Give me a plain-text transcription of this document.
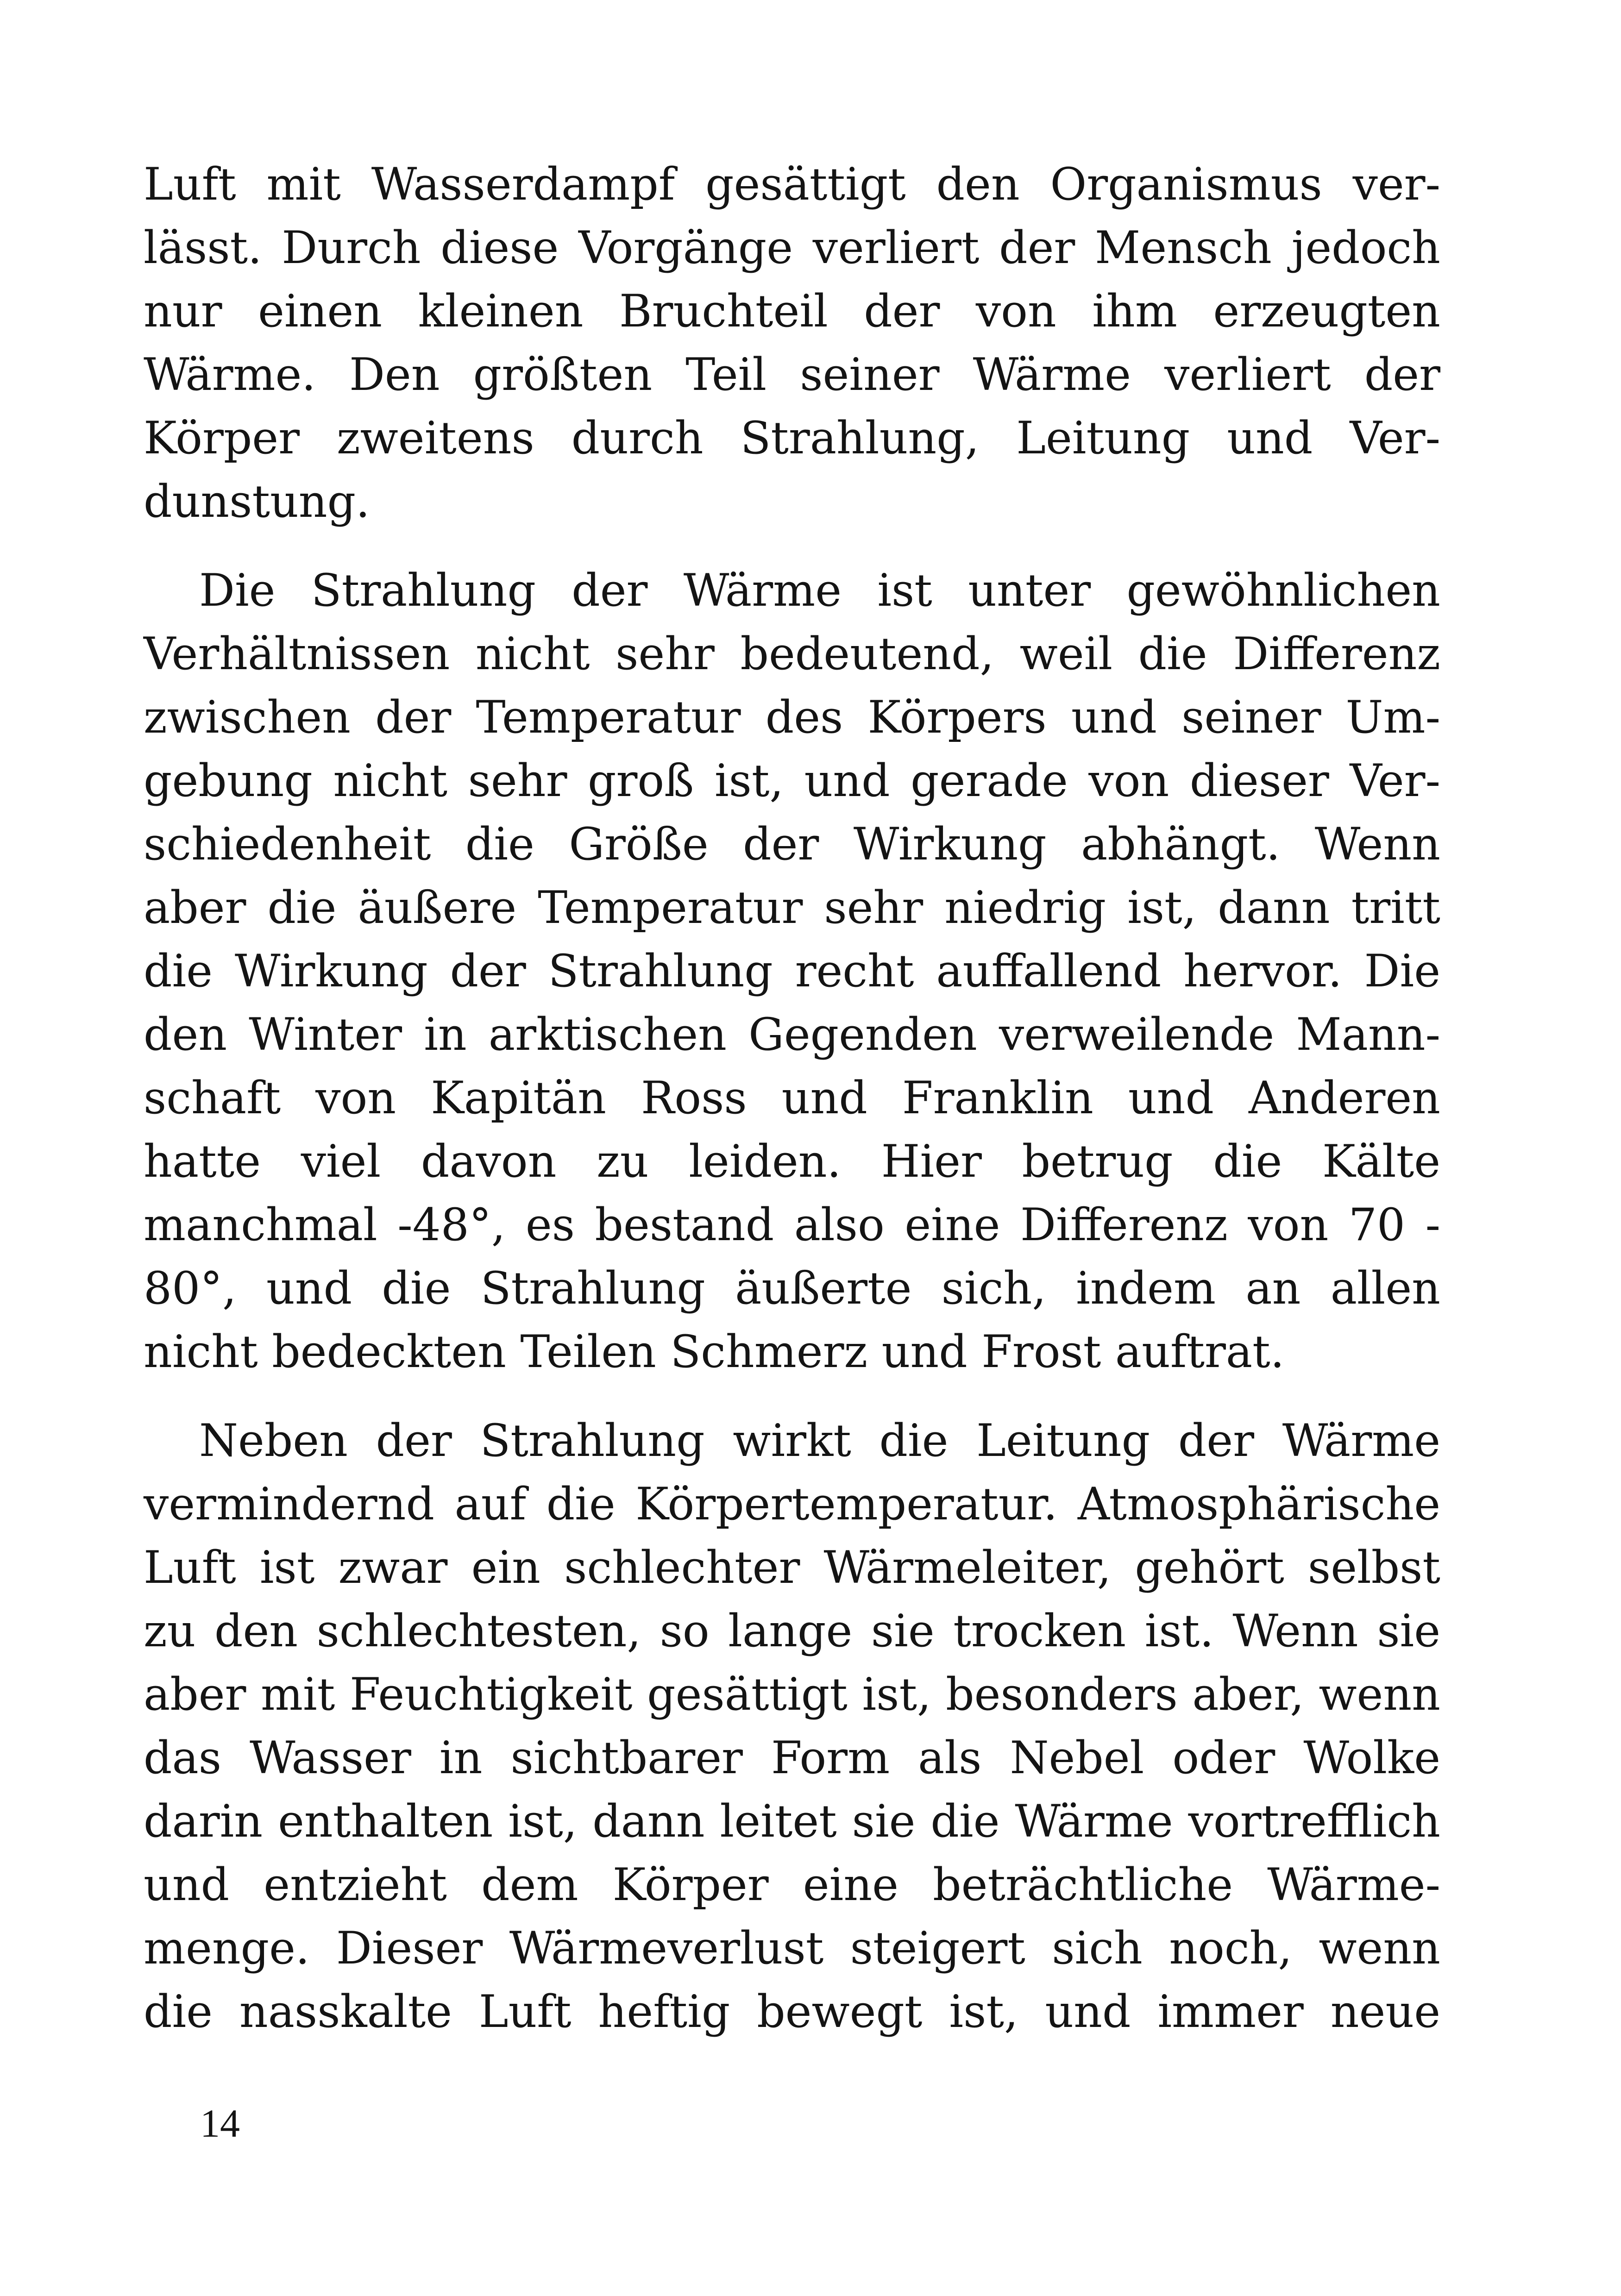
Luft mit Wasserdampf gesättigt den Organismus ver-
lässt. Durch diese Vorgänge verliert der Mensch jedoch
nur einen kleinen Bruchteil der von ihm erzeugten
Wärme. Den größten Teil seiner Wärme verliert der
Körper zweitens durch Strahlung, Leitung und Ver-
dunstung.
Die Strahlung der Wärme ist unter gewöhnlichen
Verhältnissen nicht sehr bedeutend, weil die Differenz
zwischen der Temperatur des Körpers und seiner Um-
gebung nicht sehr groß ist, und gerade von dieser Ver-
schiedenheit die Größe der Wirkung abhängt. Wenn
aber die äußere Temperatur sehr niedrig ist, dann tritt
die Wirkung der Strahlung recht auffallend hervor. Die
den Winter in arktischen Gegenden verweilende Mann-
schaft von Kapitän Ross und Franklin und Anderen
hatte viel davon zu leiden. Hier betrug die Kälte
manchmal -48°, es bestand also eine Differenz von 70 -
80°, und die Strahlung äußerte sich, indem an allen
nicht bedeckten Teilen Schmerz und Frost auftrat.
Neben der Strahlung wirkt die Leitung der Wärme
vermindernd auf die Körpertemperatur. Atmosphärische
Luft ist zwar ein schlechter Wärmeleiter, gehört selbst
zu den schlechtesten, so lange sie trocken ist. Wenn sie
aber mit Feuchtigkeit gesättigt ist, besonders aber, wenn
das Wasser in sichtbarer Form als Nebel oder Wolke
darin enthalten ist, dann leitet sie die Wärme vortrefflich
und entzieht dem Körper eine beträchtliche Wärme-
menge. Dieser Wärmeverlust steigert sich noch, wenn
die nasskalte Luft heftig bewegt ist, und immer neue
14
